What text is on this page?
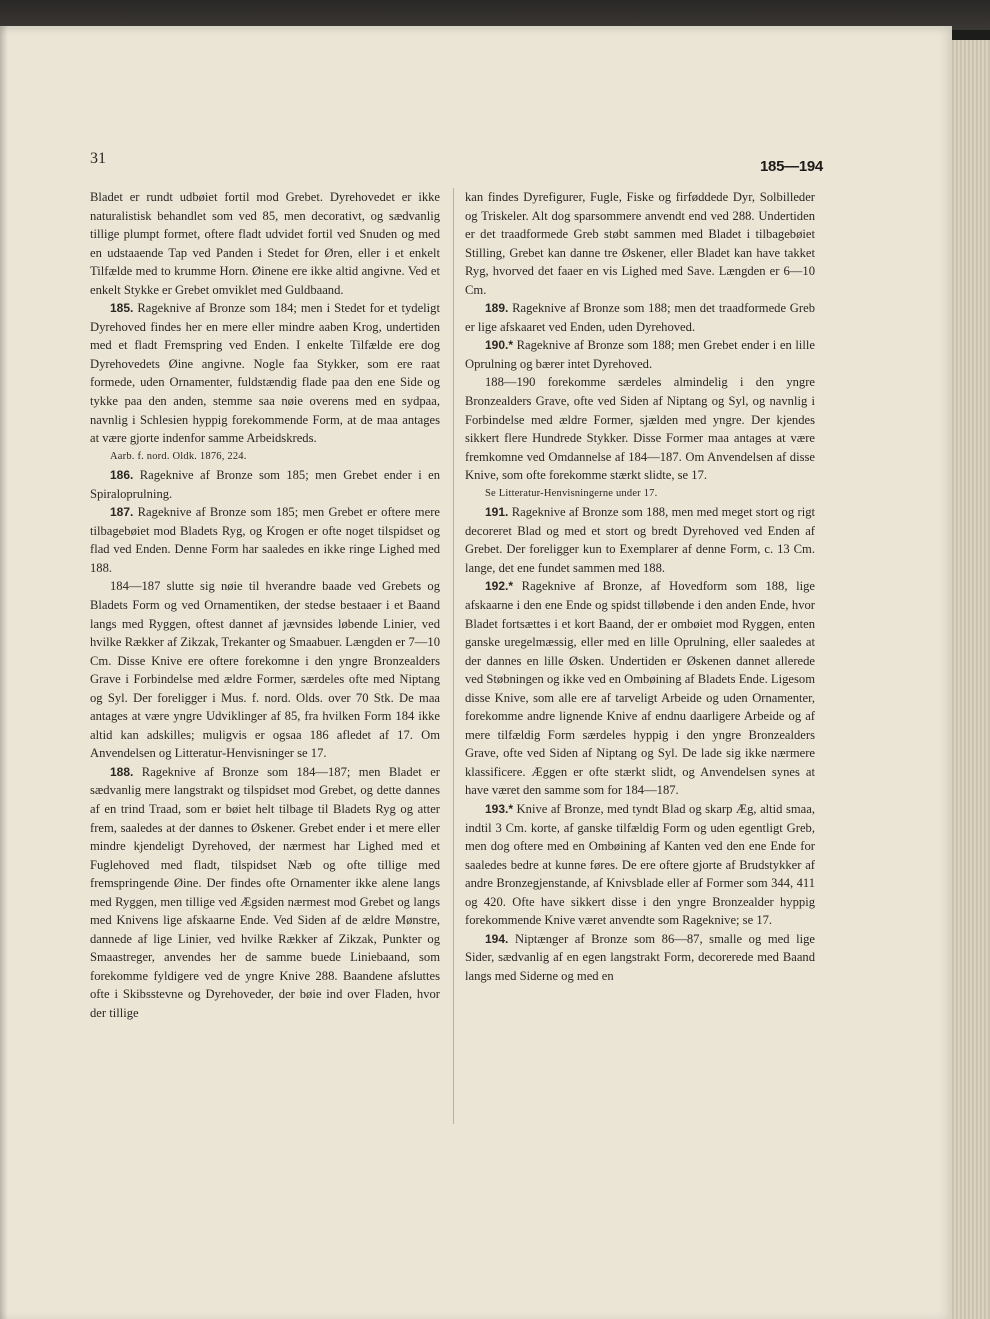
31	185—194

Bladet er rundt udbøiet fortil mod Grebet. Dyrehovedet er ikke naturalistisk behandlet som ved 85, men decorativt, og sædvanlig tillige plumpt formet, oftere fladt udvidet fortil ved Snuden og med en udstaaende Tap ved Panden i Stedet for Øren, eller i et enkelt Tilfælde med to krumme Horn. Øinene ere ikke altid angivne. Ved et enkelt Stykke er Grebet omviklet med Guldbaand.

185. Rageknive af Bronze som 184; men i Stedet for et tydeligt Dyrehoved findes her en mere eller mindre aaben Krog, undertiden med et fladt Fremspring ved Enden. I enkelte Tilfælde ere dog Dyrehovedets Øine angivne. Nogle faa Stykker, som ere raat formede, uden Ornamenter, fuldstændig flade paa den ene Side og tykke paa den anden, stemme saa nøie overens med en sydpaa, navnlig i Schlesien hyppig forekommende Form, at de maa antages at være gjorte indenfor samme Arbeidskreds.

Aarb. f. nord. Oldk. 1876, 224.

186. Rageknive af Bronze som 185; men Grebet ender i en Spiraloprulning.

187. Rageknive af Bronze som 185; men Grebet er oftere mere tilbagebøiet mod Bladets Ryg, og Krogen er ofte noget tilspidset og flad ved Enden. Denne Form har saaledes en ikke ringe Lighed med 188.

184—187 slutte sig nøie til hverandre baade ved Grebets og Bladets Form og ved Ornamentiken, der stedse bestaaer i et Baand langs med Ryggen, oftest dannet af jævnsides løbende Linier, ved hvilke Rækker af Zikzak, Trekanter og Smaabuer. Længden er 7—10 Cm. Disse Knive ere oftere forekomne i den yngre Bronzealders Grave i Forbindelse med ældre Former, særdeles ofte med Niptang og Syl. Der foreligger i Mus. f. nord. Olds. over 70 Stk. De maa antages at være yngre Udviklinger af 85, fra hvilken Form 184 ikke altid kan adskilles; muligvis er ogsaa 186 afledet af 17. Om Anvendelsen og Litteratur-Henvisninger se 17.

188. Rageknive af Bronze som 184—187; men Bladet er sædvanlig mere langstrakt og tilspidset mod Grebet, og dette dannes af en trind Traad, som er bøiet helt tilbage til Bladets Ryg og atter frem, saaledes at der dannes to Øskener. Grebet ender i et mere eller mindre kjendeligt Dyrehoved, der nærmest har Lighed med et Fuglehoved med fladt, tilspidset Næb og ofte tillige med fremspringende Øine. Der findes ofte Ornamenter ikke alene langs med Ryggen, men tillige ved Ægsiden nærmest mod Grebet og langs med Knivens lige afskaarne Ende. Ved Siden af de ældre Mønstre, dannede af lige Linier, ved hvilke Rækker af Zikzak, Punkter og Smaastreger, anvendes her de samme buede Liniebaand, som forekomme fyldigere ved de yngre Knive 288. Baandene afsluttes ofte i Skibsstevne og Dyrehoveder, der bøie ind over Fladen, hvor der tillige

kan findes Dyrefigurer, Fugle, Fiske og firføddede Dyr, Solbilleder og Triskeler. Alt dog sparsommere anvendt end ved 288. Undertiden er det traadformede Greb støbt sammen med Bladet i tilbagebøiet Stilling, Grebet kan danne tre Øskener, eller Bladet kan have takket Ryg, hvorved det faaer en vis Lighed med Save. Længden er 6—10 Cm.

189. Rageknive af Bronze som 188; men det traadformede Greb er lige afskaaret ved Enden, uden Dyrehoved.

190.* Rageknive af Bronze som 188; men Grebet ender i en lille Oprulning og bærer intet Dyrehoved.

188—190 forekomme særdeles almindelig i den yngre Bronzealders Grave, ofte ved Siden af Niptang og Syl, og navnlig i Forbindelse med ældre Former, sjælden med yngre. Der kjendes sikkert flere Hundrede Stykker. Disse Former maa antages at være fremkomne ved Omdannelse af 184—187. Om Anvendelsen af disse Knive, som ofte forekomme stærkt slidte, se 17.

Se Litteratur-Henvisningerne under 17.

191. Rageknive af Bronze som 188, men med meget stort og rigt decoreret Blad og med et stort og bredt Dyrehoved ved Enden af Grebet. Der foreligger kun to Exemplarer af denne Form, c. 13 Cm. lange, det ene fundet sammen med 188.

192.* Rageknive af Bronze, af Hovedform som 188, lige afskaarne i den ene Ende og spidst tilløbende i den anden Ende, hvor Bladet fortsættes i et kort Baand, der er ombøiet mod Ryggen, enten ganske uregelmæssig, eller med en lille Oprulning, eller saaledes at der dannes en lille Øsken. Undertiden er Øskenen dannet allerede ved Støbningen og ikke ved en Ombøining af Bladets Ende. Ligesom disse Knive, som alle ere af tarveligt Arbeide og uden Ornamenter, forekomme andre lignende Knive af endnu daarligere Arbeide og af mere tilfældig Form særdeles hyppig i den yngre Bronzealders Grave, ofte ved Siden af Niptang og Syl. De lade sig ikke nærmere klassificere. Æggen er ofte stærkt slidt, og Anvendelsen synes at have været den samme som for 184—187.

193.* Knive af Bronze, med tyndt Blad og skarp Æg, altid smaa, indtil 3 Cm. korte, af ganske tilfældig Form og uden egentligt Greb, men dog oftere med en Ombøining af Kanten ved den ene Ende for saaledes bedre at kunne føres. De ere oftere gjorte af Brudstykker af andre Bronzegjenstande, af Knivsblade eller af Former som 344, 411 og 420. Ofte have sikkert disse i den yngre Bronzealder hyppig forekommende Knive været anvendte som Rageknive; se 17.

194. Niptænger af Bronze som 86—87, smalle og med lige Sider, sædvanlig af en egen langstrakt Form, decorerede med Baand langs med Siderne og med en
